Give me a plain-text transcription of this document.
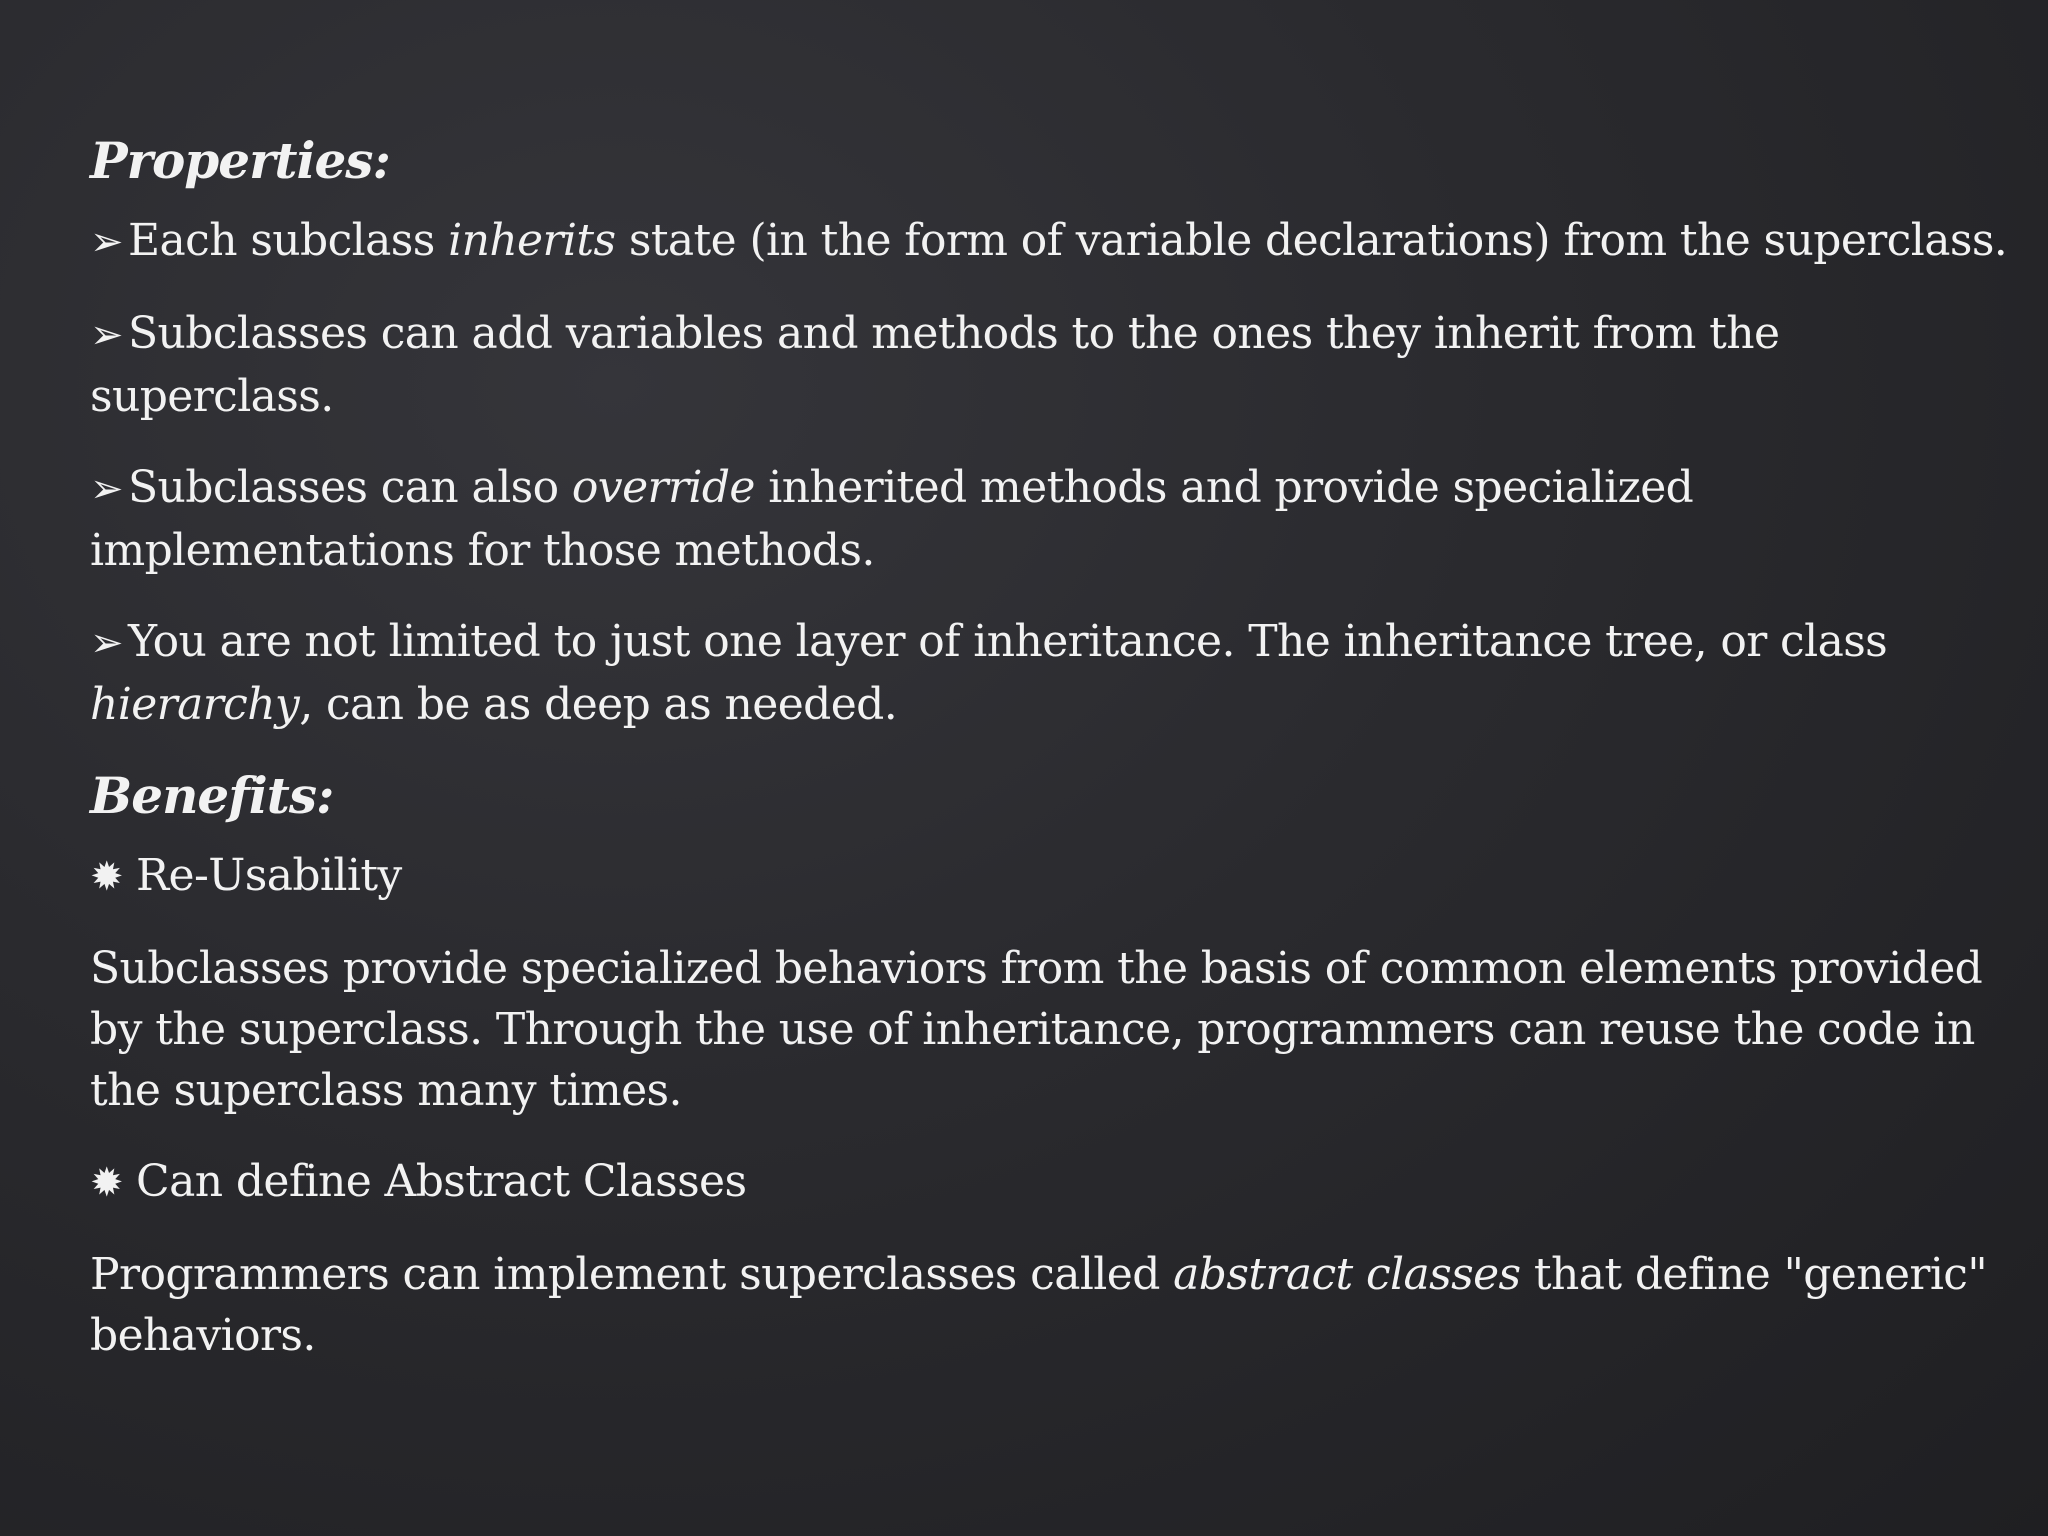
Properties:
➢ Each subclass inherits state (in the form of variable declarations) from the superclass.
➢ Subclasses can add variables and methods to the ones they inherit from the superclass.
➢ Subclasses can also override inherited methods and provide specialized implementations for those methods.
➢ You are not limited to just one layer of inheritance. The inheritance tree, or class hierarchy, can be as deep as needed.
Benefits:
✹ Re-Usability
Subclasses provide specialized behaviors from the basis of common elements provided by the superclass. Through the use of inheritance, programmers can reuse the code in the superclass many times.
✹ Can define Abstract Classes
Programmers can implement superclasses called abstract classes that define "generic" behaviors.
